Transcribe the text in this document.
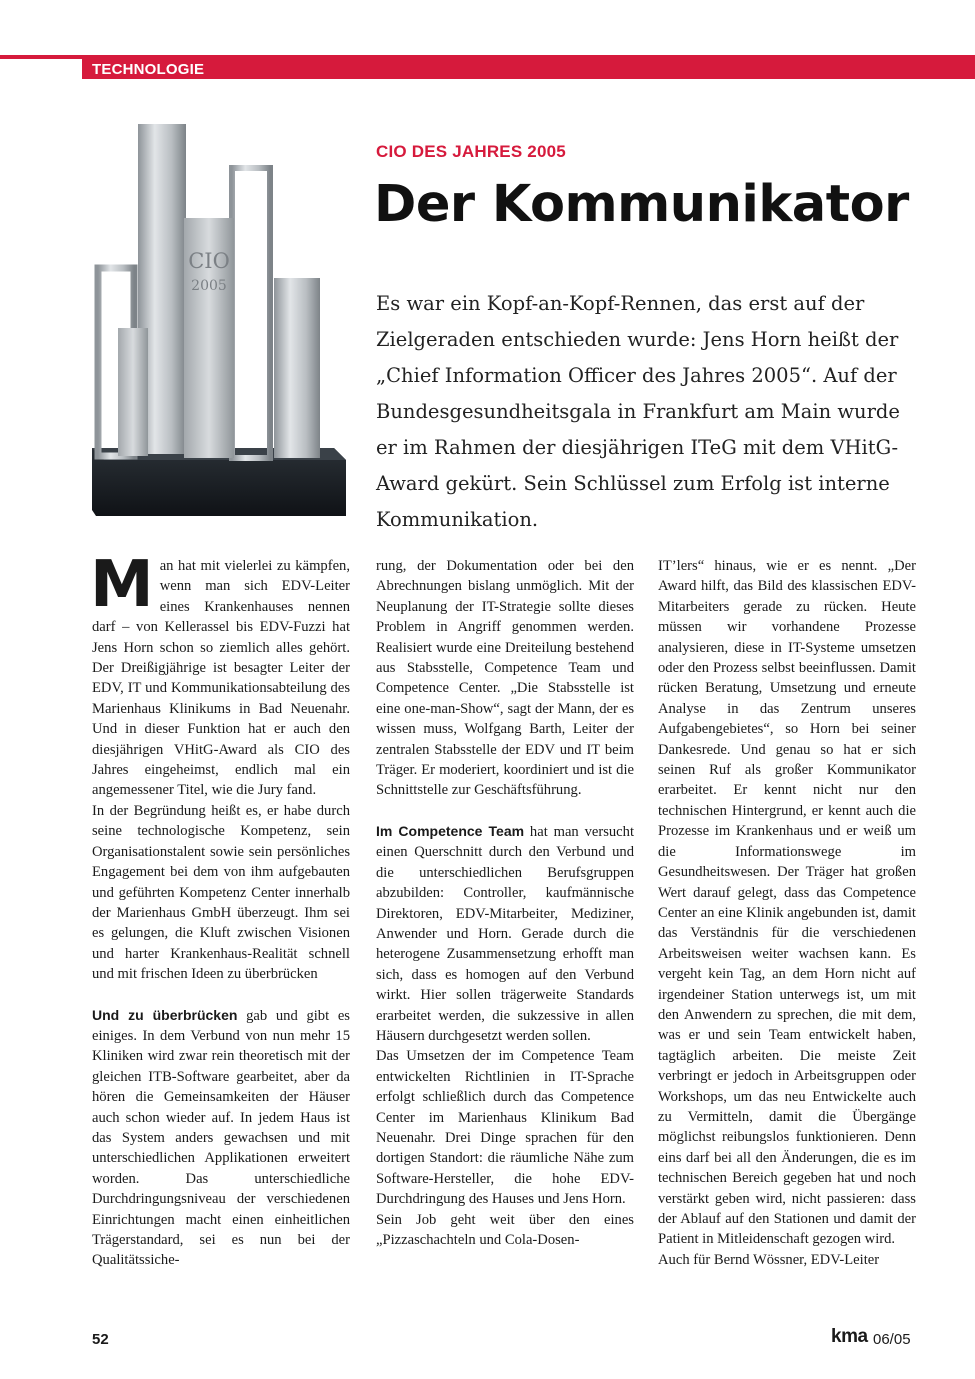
TECHNOLOGIE
CIO
2005
CIO DES JAHRES 2005
Der Kommunikator

Es war ein Kopf-an-Kopf-Rennen, das erst auf der Zielgeraden entschieden wurde: Jens Horn heißt der „Chief Information Officer des Jahres 2005“. Auf der Bundesgesundheitsgala in Frankfurt am Main wurde er im Rahmen der diesjährigen ITeG mit dem VHitG-Award gekürt. Sein Schlüssel zum Erfolg ist interne Kommunikation.

M an hat mit vielerlei zu kämpfen, wenn man sich EDV-Leiter eines Krankenhauses nennen darf – von Kellerassel bis EDV-Fuzzi hat Jens Horn schon so ziemlich alles gehört. Der Dreißigjährige ist besagter Leiter der EDV, IT und Kommunikationsabteilung des Marienhaus Klinikums in Bad Neuenahr. Und in dieser Funktion hat er auch den diesjährigen VHitG-Award als CIO des Jahres eingeheimst, endlich mal ein angemessener Titel, wie die Jury fand.

In der Begründung heißt es, er habe durch seine technologische Kompetenz, sein Organisationstalent sowie sein persönliches Engagement bei dem von ihm aufgebauten und geführten Kompetenz Center innerhalb der Marienhaus GmbH überzeugt. Ihm sei es gelungen, die Kluft zwischen Visionen und harter Krankenhaus-Realität schnell und mit frischen Ideen zu überbrücken

Und zu überbrücken gab und gibt es einiges. In dem Verbund von nun mehr 15 Kliniken wird zwar rein theoretisch mit der gleichen ITB-Software gearbeitet, aber da hören die Gemeinsamkeiten der Häuser auch schon wieder auf. In jedem Haus ist das System anders gewachsen und mit unterschiedlichen Applikationen erweitert worden. Das unterschiedliche Durchdringungsniveau der verschiedenen Einrichtungen macht einen einheitlichen Trägerstandard, sei es nun bei der Qualitätssiche-

rung, der Dokumentation oder bei den Abrechnungen bislang unmöglich. Mit der Neuplanung der IT-Strategie sollte dieses Problem in Angriff genommen werden. Realisiert wurde eine Dreiteilung bestehend aus Stabsstelle, Competence Team und Competence Center. „Die Stabsstelle ist eine one-man-Show“, sagt der Mann, der es wissen muss, Wolfgang Barth, Leiter der zentralen Stabsstelle der EDV und IT beim Träger. Er moderiert, koordiniert und ist die Schnittstelle zur Geschäftsführung.

Im Competence Team hat man versucht einen Querschnitt durch den Verbund und die unterschiedlichen Berufsgruppen abzubilden: Controller, kaufmännische Direktoren, EDV-Mitarbeiter, Mediziner, Anwender und Horn. Gerade durch die heterogene Zusammensetzung erhofft man sich, dass es homogen auf den Verbund wirkt. Hier sollen trägerweite Standards erarbeitet werden, die sukzessive in allen Häusern durchgesetzt werden sollen.

Das Umsetzen der im Competence Team entwickelten Richtlinien in IT-Sprache erfolgt schließlich durch das Competence Center im Marienhaus Klinikum Bad Neuenahr. Drei Dinge sprachen für den dortigen Standort: die räumliche Nähe zum Software-Hersteller, die hohe EDV-Durchdringung des Hauses und Jens Horn.

Sein Job geht weit über den eines „Pizzaschachteln und Cola-Dosen-

IT’lers“ hinaus, wie er es nennt. „Der Award hilft, das Bild des klassischen EDV-Mitarbeiters gerade zu rücken. Heute müssen wir vorhandene Prozesse analysieren, diese in IT-Systeme umsetzen oder den Prozess selbst beeinflussen. Damit rücken Beratung, Umsetzung und erneute Analyse in das Zentrum unseres Aufgabengebietes“, so Horn bei seiner Dankesrede. Und genau so hat er sich seinen Ruf als großer Kommunikator erarbeitet. Er kennt nicht nur den technischen Hintergrund, er kennt auch die Prozesse im Krankenhaus und er weiß um die Informationswege im Gesundheitswesen. Der Träger hat großen Wert darauf gelegt, dass das Competence Center an eine Klinik angebunden ist, damit das Verständnis für die verschiedenen Arbeitsweisen weiter wachsen kann. Es vergeht kein Tag, an dem Horn nicht auf irgendeiner Station unterwegs ist, um mit den Anwendern zu sprechen, die mit dem, was er und sein Team entwickelt haben, tagtäglich arbeiten. Die meiste Zeit verbringt er jedoch in Arbeitsgruppen oder Workshops, um das neu Entwickelte auch zu Vermitteln, damit die Übergänge möglichst reibungslos funktionieren. Denn eins darf bei all den Änderungen, die es im technischen Bereich gegeben hat und noch verstärkt geben wird, nicht passieren: dass der Ablauf auf den Stationen und damit der Patient in Mitleidenschaft gezogen wird.

Auch für Bernd Wössner, EDV-Leiter

52	kma 06/05
